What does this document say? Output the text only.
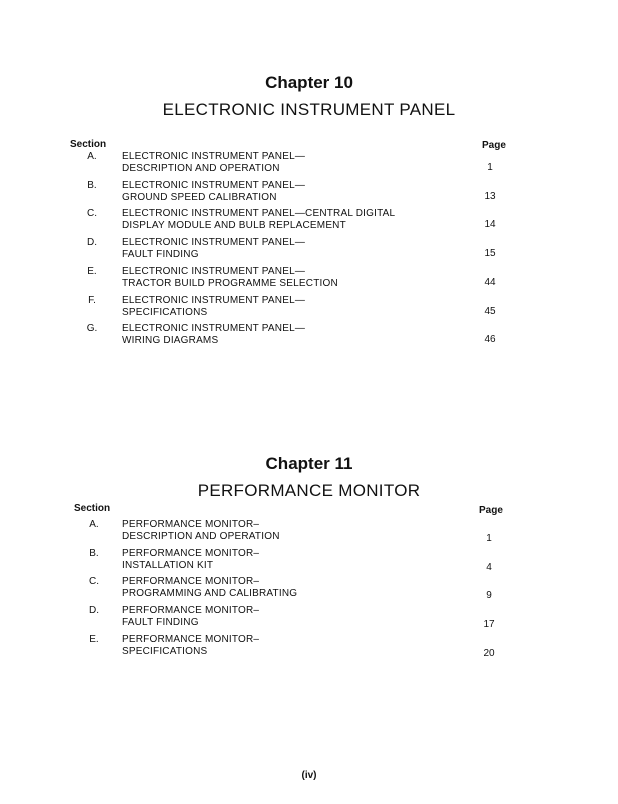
Chapter 10
ELECTRONIC INSTRUMENT PANEL
Section	Page
A.	ELECTRONIC INSTRUMENT PANEL—
DESCRIPTION AND OPERATION	1
B.	ELECTRONIC INSTRUMENT PANEL—
GROUND SPEED CALIBRATION	13
C.	ELECTRONIC INSTRUMENT PANEL—CENTRAL DIGITAL
DISPLAY MODULE AND BULB REPLACEMENT	14
D.	ELECTRONIC INSTRUMENT PANEL—
FAULT FINDING	15
E.	ELECTRONIC INSTRUMENT PANEL—
TRACTOR BUILD PROGRAMME SELECTION	44
F.	ELECTRONIC INSTRUMENT PANEL—
SPECIFICATIONS	45
G.	ELECTRONIC INSTRUMENT PANEL—
WIRING DIAGRAMS	46
Chapter 11
PERFORMANCE MONITOR
Section	Page
A.	PERFORMANCE MONITOR–
DESCRIPTION AND OPERATION	1
B.	PERFORMANCE MONITOR–
INSTALLATION KIT	4
C.	PERFORMANCE MONITOR–
PROGRAMMING AND CALIBRATING	9
D.	PERFORMANCE MONITOR–
FAULT FINDING	17
E.	PERFORMANCE MONITOR–
SPECIFICATIONS	20
(iv)
